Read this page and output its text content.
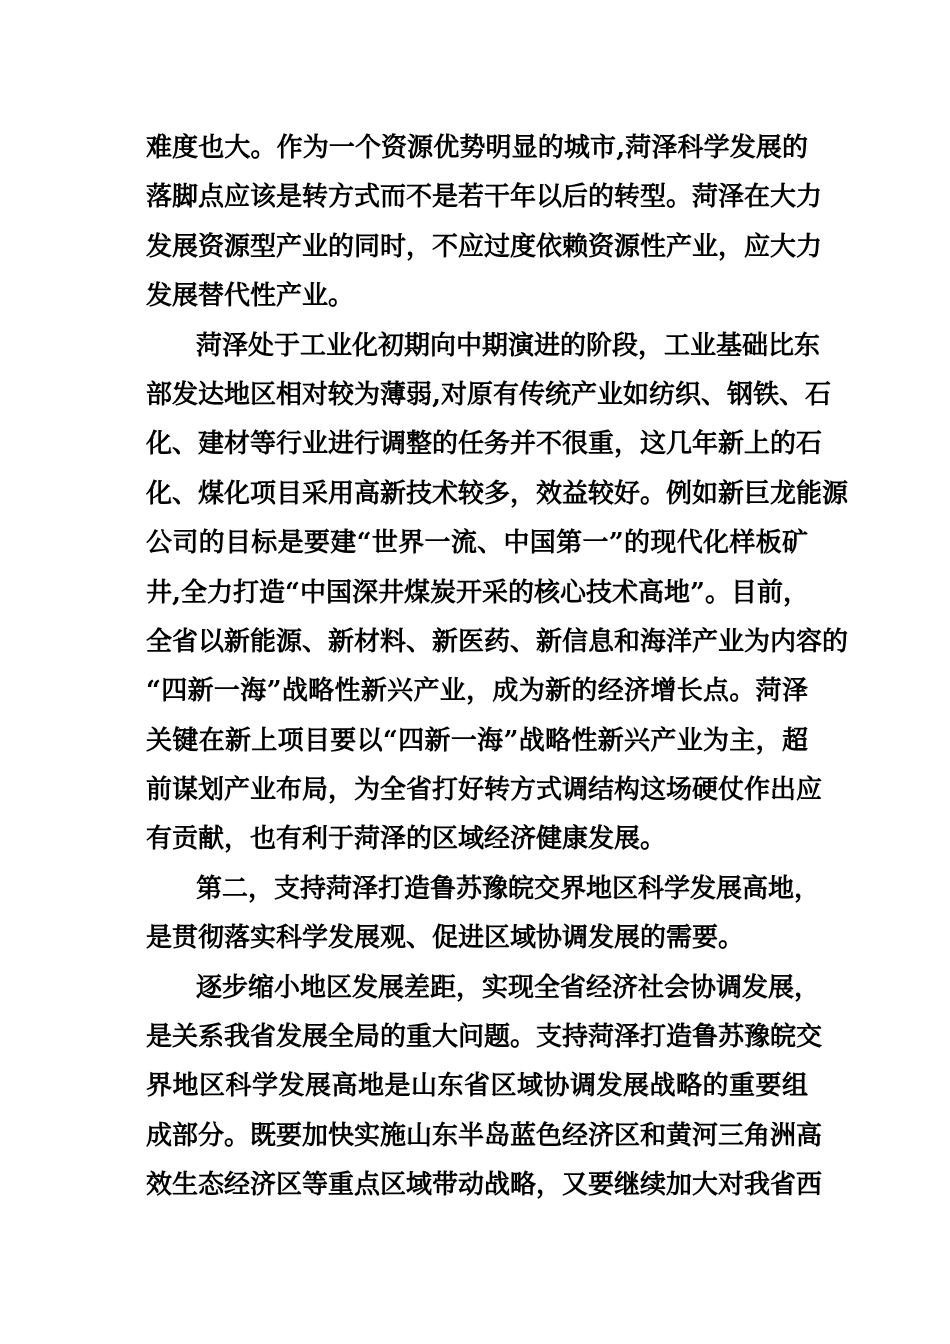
难度也大。作为一个资源优势明显的城市,菏泽科学发展的
落脚点应该是转方式而不是若干年以后的转型。菏泽在大力
发展资源型产业的同时，不应过度依赖资源性产业，应大力
发展替代性产业。
菏泽处于工业化初期向中期演进的阶段，工业基础比东
部发达地区相对较为薄弱,对原有传统产业如纺织、钢铁、石
化、建材等行业进行调整的任务并不很重，这几年新上的石
化、煤化项目采用高新技术较多，效益较好。例如新巨龙能源
公司的目标是要建“世界一流、中国第一”的现代化样板矿
井,全力打造“中国深井煤炭开采的核心技术高地”。目前，
全省以新能源、新材料、新医药、新信息和海洋产业为内容的
“四新一海”战略性新兴产业，成为新的经济增长点。菏泽
关键在新上项目要以“四新一海”战略性新兴产业为主，超
前谋划产业布局，为全省打好转方式调结构这场硬仗作出应
有贡献，也有利于菏泽的区域经济健康发展。
第二，支持菏泽打造鲁苏豫皖交界地区科学发展高地，
是贯彻落实科学发展观、促进区域协调发展的需要。
逐步缩小地区发展差距，实现全省经济社会协调发展，
是关系我省发展全局的重大问题。支持菏泽打造鲁苏豫皖交
界地区科学发展高地是山东省区域协调发展战略的重要组
成部分。既要加快实施山东半岛蓝色经济区和黄河三角洲高
效生态经济区等重点区域带动战略，又要继续加大对我省西
